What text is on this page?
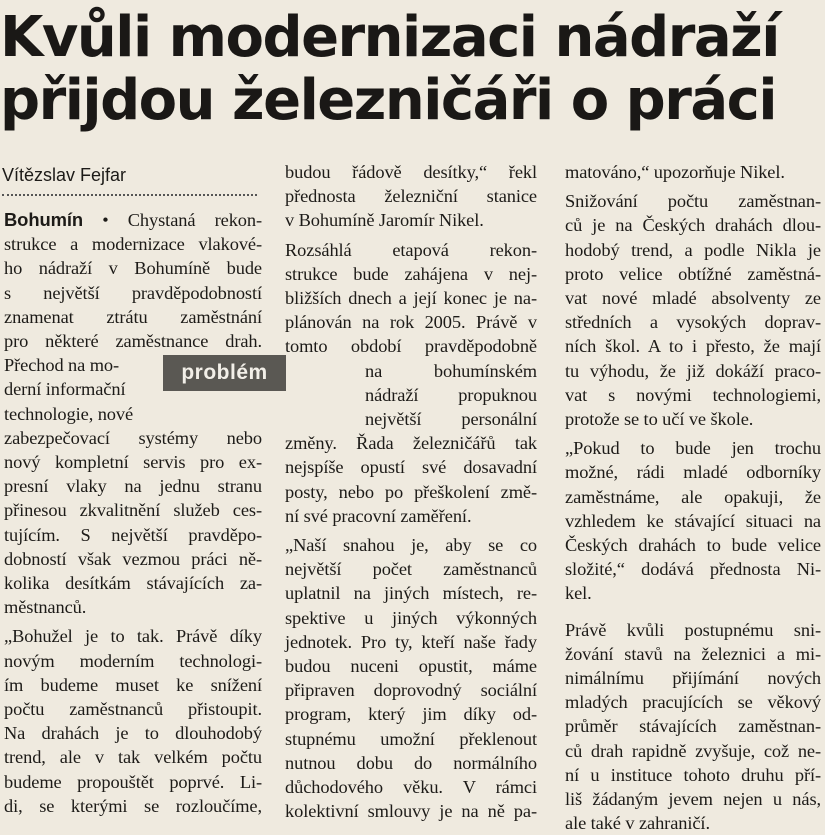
Kvůli modernizaci nádraží
přijdou železničáři o práci
Vítězslav Fejfar
problém
Bohumín • Chystaná rekon-
strukce a modernizace vlakové-
ho nádraží v Bohumíně bude
s největší pravděpodobností
znamenat ztrátu zaměstnání
pro některé zaměstnance drah.
Přechod na mo-
derní informační
technologie, nové
zabezpečovací systémy nebo
nový kompletní servis pro ex-
presní vlaky na jednu stranu
přinesou zkvalitnění služeb ces-
tujícím. S největší pravděpo-
dobností však vezmou práci ně-
kolika desítkám stávajících za-
městnanců.
„Bohužel je to tak. Právě díky
novým moderním technologi-
ím budeme muset ke snížení
počtu zaměstnanců přistoupit.
Na drahách je to dlouhodobý
trend, ale v tak velkém počtu
budeme propouštět poprvé. Li-
di, se kterými se rozloučíme,
budou řádově desítky,“ řekl
přednosta železniční stanice
v Bohumíně Jaromír Nikel.
Rozsáhlá etapová rekon-
strukce bude zahájena v nej-
bližších dnech a její konec je na-
plánován na rok 2005. Právě v
tomto období pravděpodobně
na bohumínském
nádraží propuknou
největší personální
změny. Řada železničářů tak
nejspíše opustí své dosavadní
posty, nebo po přeškolení změ-
ní své pracovní zaměření.
„Naší snahou je, aby se co
největší počet zaměstnanců
uplatnil na jiných místech, re-
spektive u jiných výkonných
jednotek. Pro ty, kteří naše řady
budou nuceni opustit, máme
připraven doprovodný sociální
program, který jim díky od-
stupnému umožní překlenout
nutnou dobu do normálního
důchodového věku. V rámci
kolektivní smlouvy je na ně pa-
matováno,“ upozorňuje Nikel.
Snižování počtu zaměstnan-
ců je na Českých drahách dlou-
hodobý trend, a podle Nikla je
proto velice obtížné zaměstná-
vat nové mladé absolventy ze
středních a vysokých doprav-
ních škol. A to i přesto, že mají
tu výhodu, že již dokáží praco-
vat s novými technologiemi,
protože se to učí ve škole.
„Pokud to bude jen trochu
možné, rádi mladé odborníky
zaměstnáme, ale opakuji, že
vzhledem ke stávající situaci na
Českých drahách to bude velice
složité,“ dodává přednosta Ni-
kel.
Právě kvůli postupnému sni-
žování stavů na železnici a mi-
nimálnímu přijímání nových
mladých pracujících se věkový
průměr stávajících zaměstnan-
ců drah rapidně zvyšuje, což ne-
ní u instituce tohoto druhu pří-
liš žádaným jevem nejen u nás,
ale také v zahraničí.
